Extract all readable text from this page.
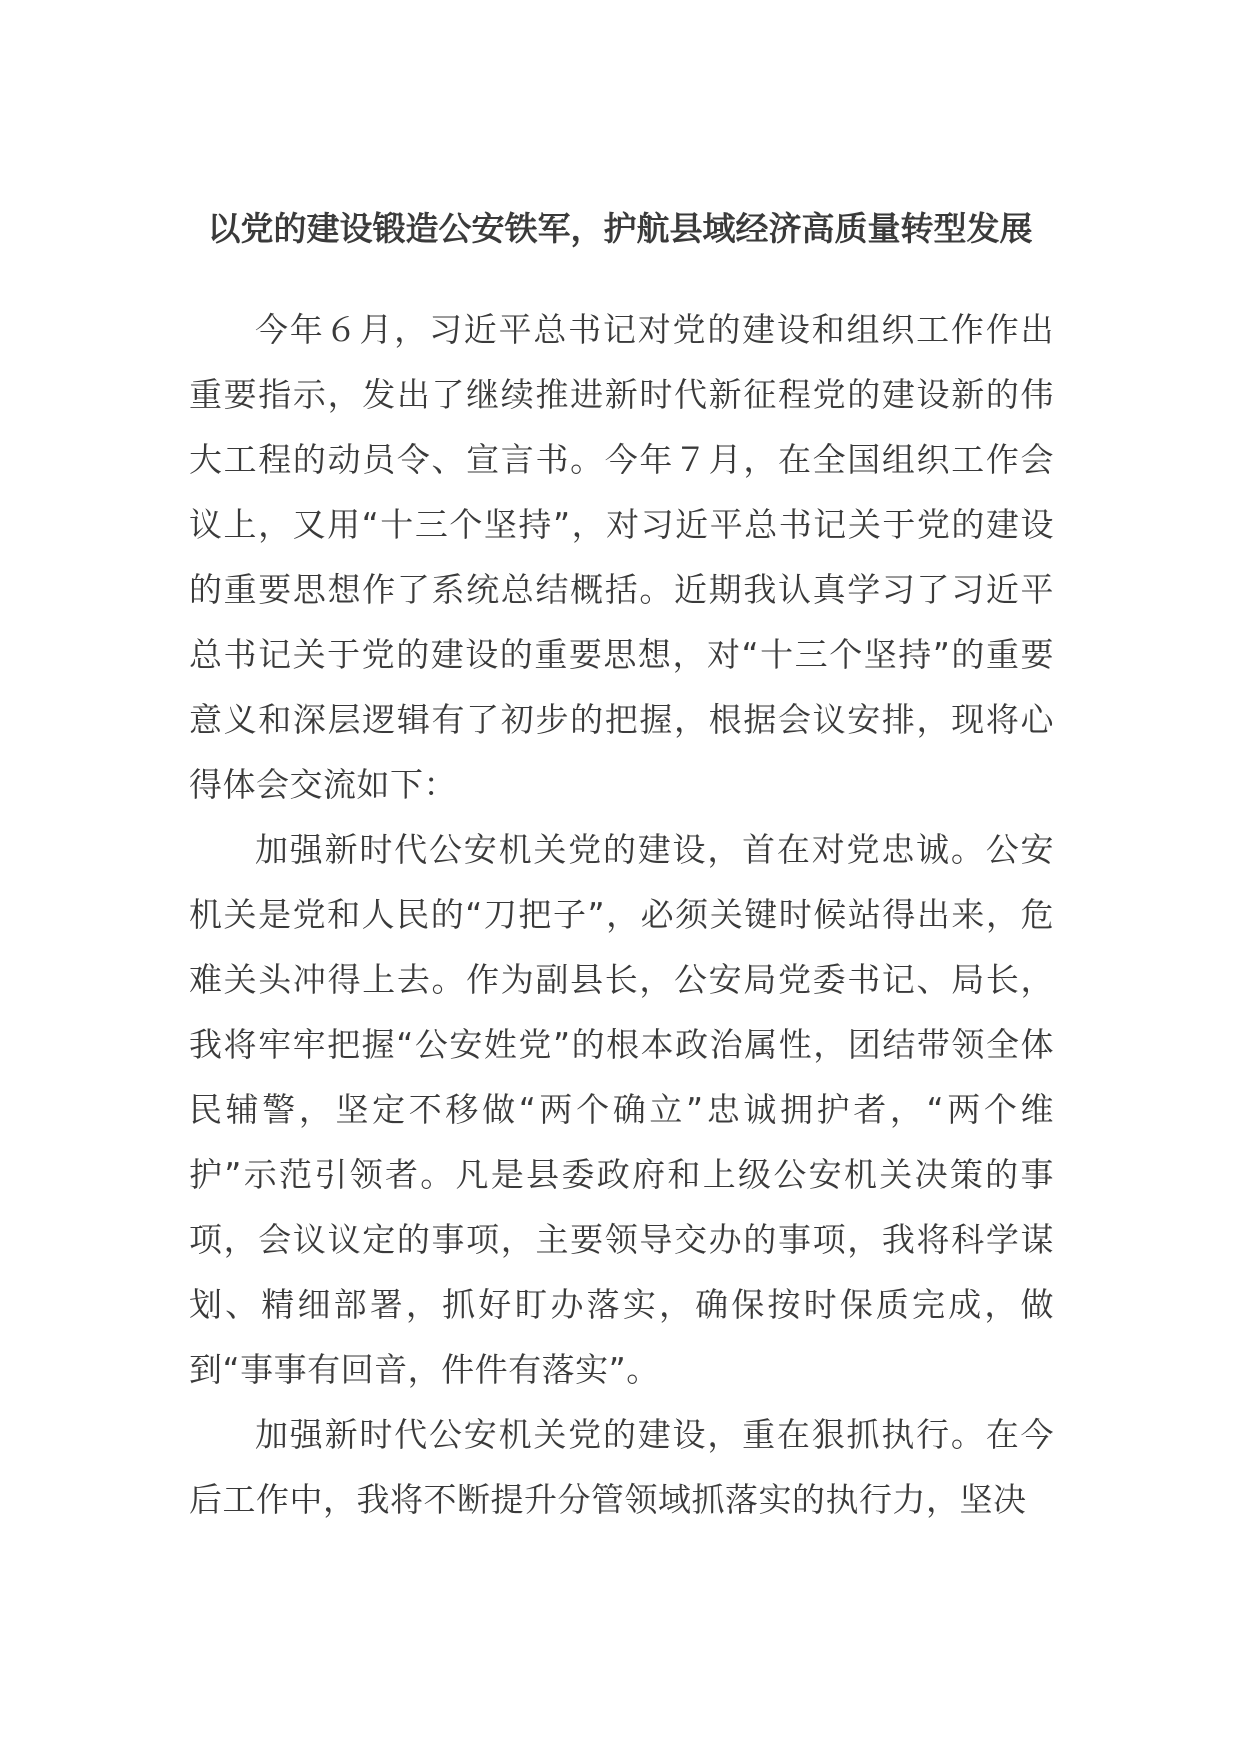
以党的建设锻造公安铁军，护航县域经济高质量转型发展

今年６月，习近平总书记对党的建设和组织工作作出重要指示，发出了继续推进新时代新征程党的建设新的伟大工程的动员令、宣言书。今年７月，在全国组织工作会议上，又用“十三个坚持”，对习近平总书记关于党的建设的重要思想作了系统总结概括。近期我认真学习了习近平总书记关于党的建设的重要思想，对“十三个坚持”的重要意义和深层逻辑有了初步的把握，根据会议安排，现将心得体会交流如下：

加强新时代公安机关党的建设，首在对党忠诚。公安机关是党和人民的“刀把子”，必须关键时候站得出来，危难关头冲得上去。作为副县长，公安局党委书记、局长，我将牢牢把握“公安姓党”的根本政治属性，团结带领全体民辅警，坚定不移做“两个确立”忠诚拥护者，“两个维护”示范引领者。凡是县委政府和上级公安机关决策的事项，会议议定的事项，主要领导交办的事项，我将科学谋划、精细部署，抓好盯办落实，确保按时保质完成，做到“事事有回音，件件有落实”。

加强新时代公安机关党的建设，重在狠抓执行。在今后工作中，我将不断提升分管领域抓落实的执行力，坚决
